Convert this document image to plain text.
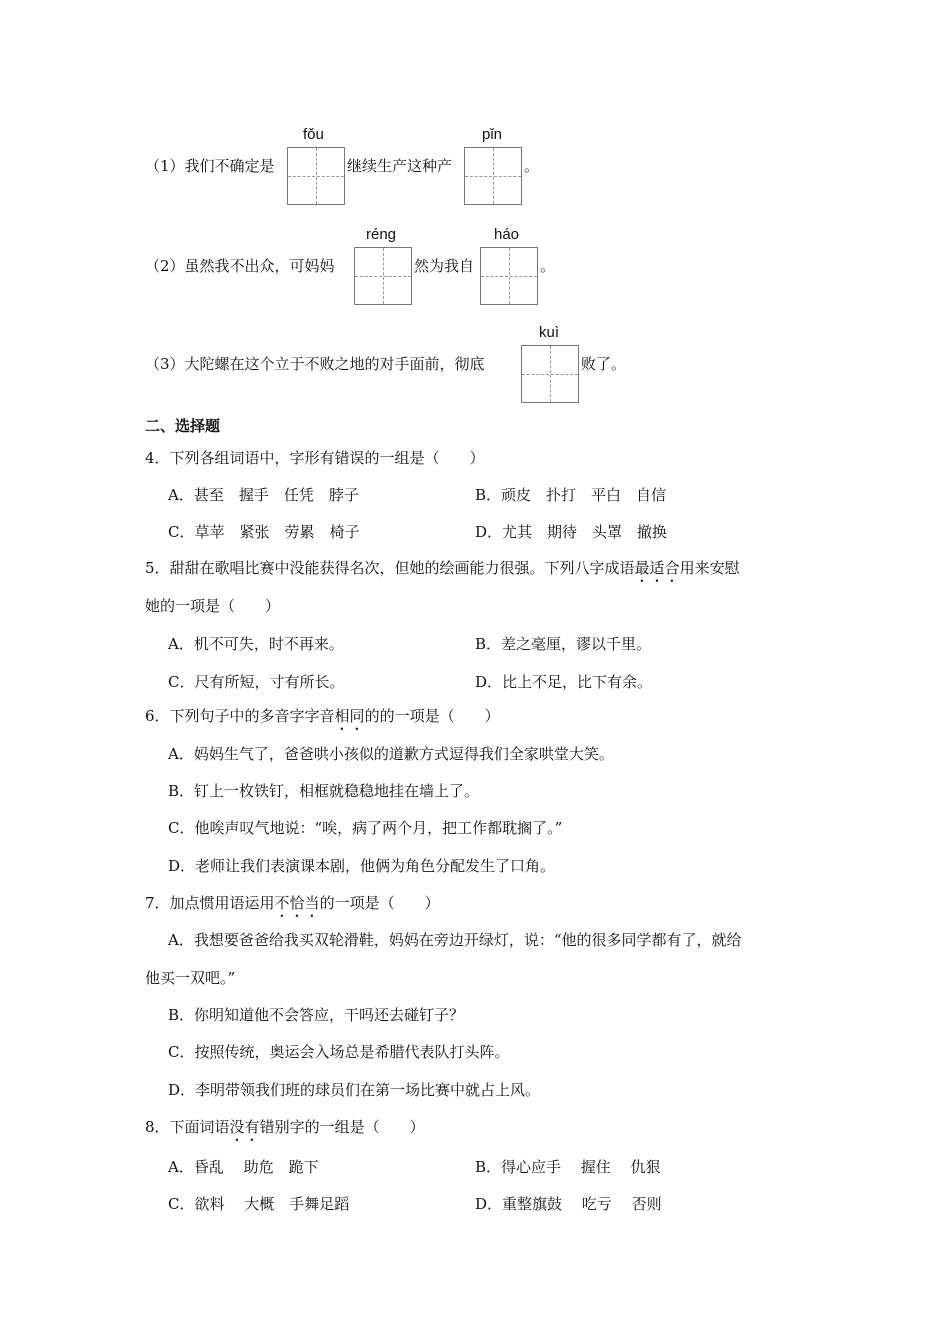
（1）我们不确定是
fǒu
继续生产这种产
pǐn
。
（2）虽然我不出众，可妈妈
réng
然为我自
háo
。
（3）大陀螺在这个立于不败之地的对手面前，彻底
kuì
败了。
二、选择题
4．下列各组词语中，字形有错误的一组是（　　）
A．甚至　握手　任凭　脖子	B．顽皮　扑打　平白　自信
C．草苹　紧张　劳累　椅子	D．尤其　期待　头罩　撤换
5．甜甜在歌唱比赛中没能获得名次，但她的绘画能力很强。下列八字成语最适合用来安慰
她的一项是（　　）
A．机不可失，时不再来。	B．差之毫厘，谬以千里。
C．尺有所短，寸有所长。	D．比上不足，比下有余。
6．下列句子中的多音字字音相同的的一项是（　　）
A．妈妈生气了，爸爸哄小孩似的道歉方式逗得我们全家哄堂大笑。
B．钉上一枚铁钉，相框就稳稳地挂在墙上了。
C．他唉声叹气地说：“唉，病了两个月，把工作都耽搁了。”
D．老师让我们表演课本剧，他俩为角色分配发生了口角。
7．加点惯用语运用不恰当的一项是（　　）
A．我想要爸爸给我买双轮滑鞋，妈妈在旁边开绿灯，说：“他的很多同学都有了，就给
他买一双吧。”
B．你明知道他不会答应，干吗还去碰钉子？
C．按照传统，奥运会入场总是希腊代表队打头阵。
D．李明带领我们班的球员们在第一场比赛中就占上风。
8．下面词语没有错别字的一组是（　　）
A．昏乱　 助危　跪下	B．得心应手　 握住　 仇狠
C．欲料　 大概　手舞足蹈	D．重整旗鼓　 吃亏　 否则
